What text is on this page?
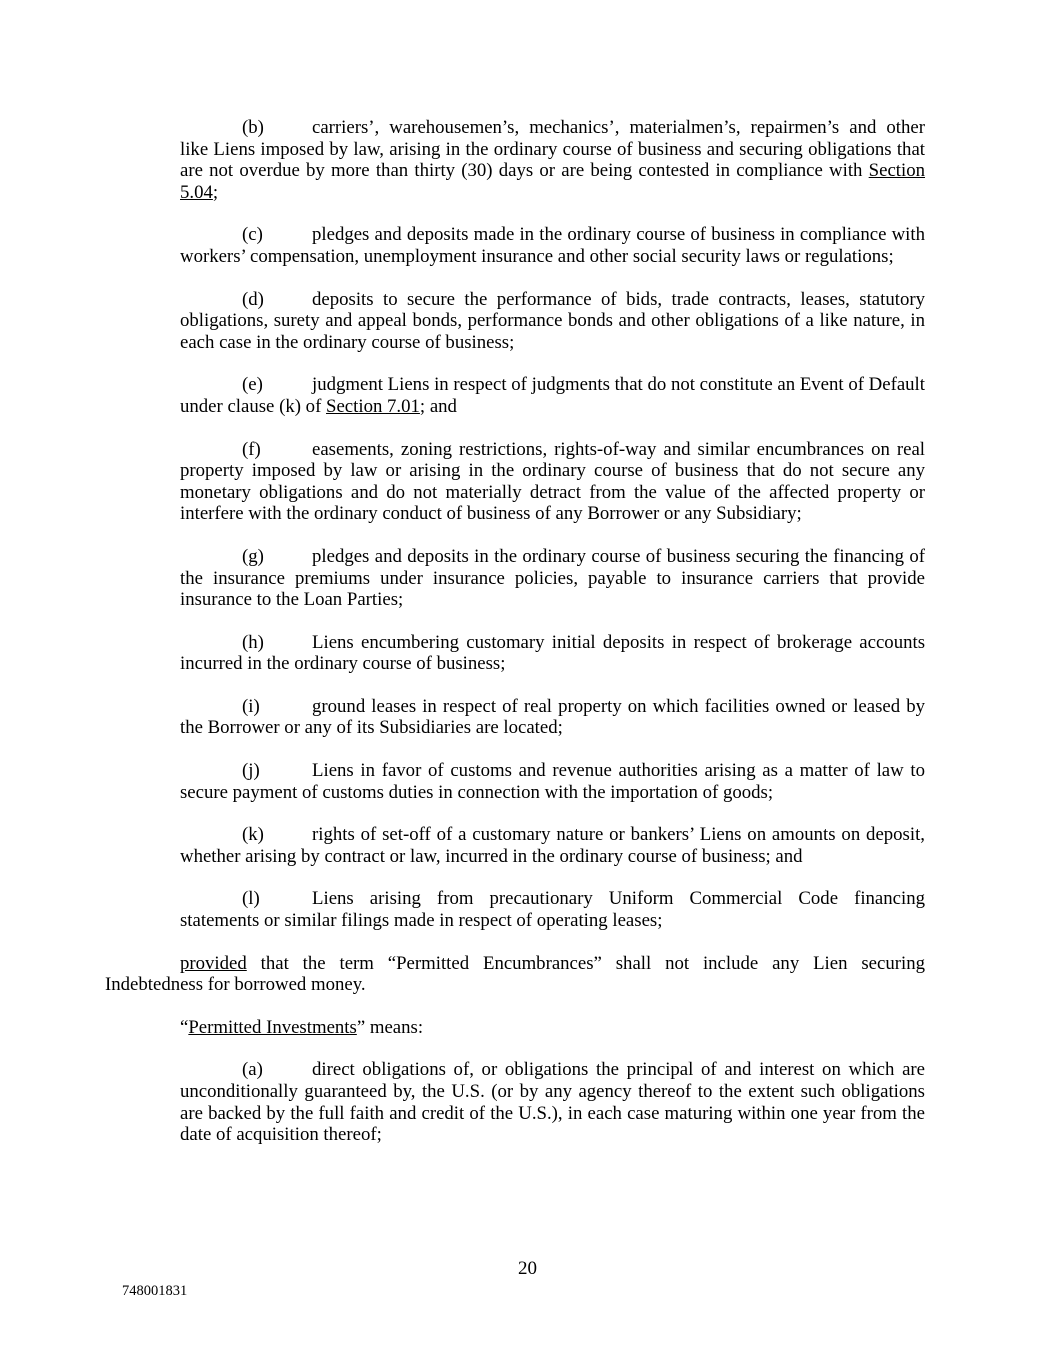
(b)	carriers’, warehousemen’s, mechanics’, materialmen’s, repairmen’s and other like Liens imposed by law, arising in the ordinary course of business and securing obligations that are not overdue by more than thirty (30) days or are being contested in compliance with Section 5.04;

(c)	pledges and deposits made in the ordinary course of business in compliance with workers’ compensation, unemployment insurance and other social security laws or regulations;

(d)	deposits to secure the performance of bids, trade contracts, leases, statutory obligations, surety and appeal bonds, performance bonds and other obligations of a like nature, in each case in the ordinary course of business;

(e)	judgment Liens in respect of judgments that do not constitute an Event of Default under clause (k) of Section 7.01; and

(f)	easements, zoning restrictions, rights-of-way and similar encumbrances on real property imposed by law or arising in the ordinary course of business that do not secure any monetary obligations and do not materially detract from the value of the affected property or interfere with the ordinary conduct of business of any Borrower or any Subsidiary;

(g)	pledges and deposits in the ordinary course of business securing the financing of the insurance premiums under insurance policies, payable to insurance carriers that provide insurance to the Loan Parties;

(h)	Liens encumbering customary initial deposits in respect of brokerage accounts incurred in the ordinary course of business;

(i)	ground leases in respect of real property on which facilities owned or leased by the Borrower or any of its Subsidiaries are located;

(j)	Liens in favor of customs and revenue authorities arising as a matter of law to secure payment of customs duties in connection with the importation of goods;

(k)	rights of set-off of a customary nature or bankers’ Liens on amounts on deposit, whether arising by contract or law, incurred in the ordinary course of business; and

(l)	Liens arising from precautionary Uniform Commercial Code financing statements or similar filings made in respect of operating leases;

provided that the term “Permitted Encumbrances” shall not include any Lien securing Indebtedness for borrowed money.

“Permitted Investments” means:

(a)	direct obligations of, or obligations the principal of and interest on which are unconditionally guaranteed by, the U.S. (or by any agency thereof to the extent such obligations are backed by the full faith and credit of the U.S.), in each case maturing within one year from the date of acquisition thereof;

20
748001831
